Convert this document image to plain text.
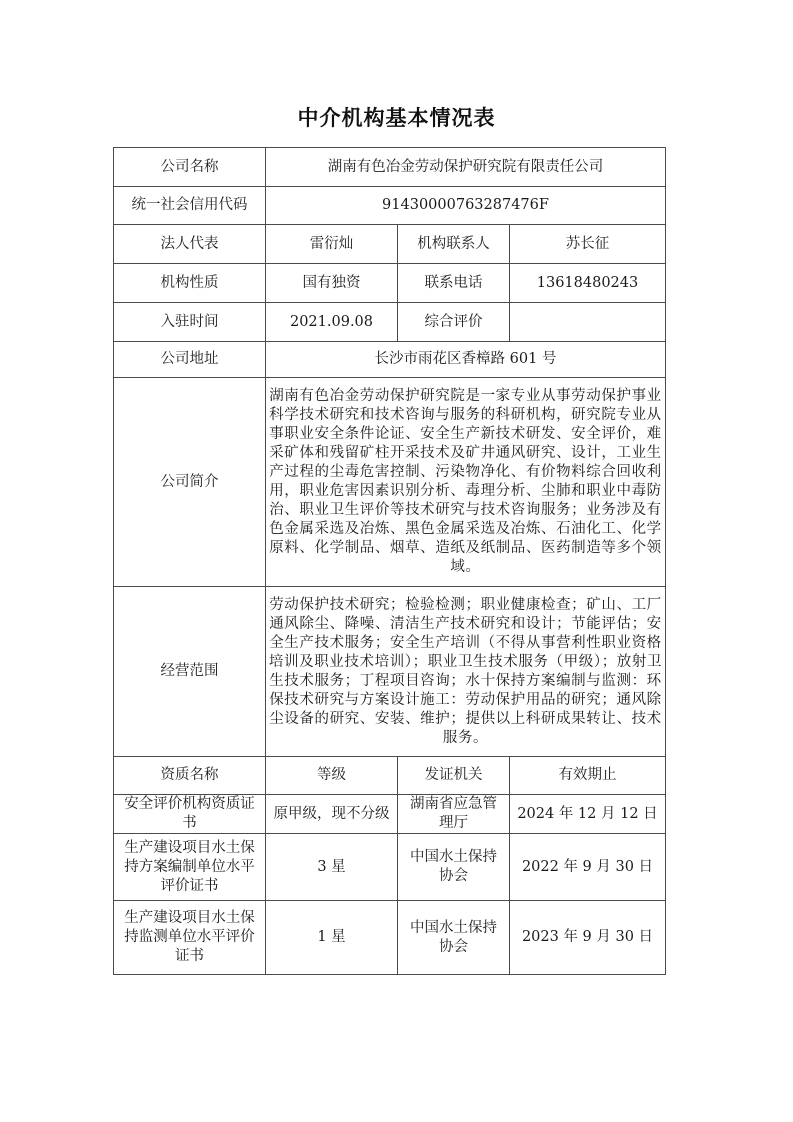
中介机构基本情况表
公司名称	湖南有色冶金劳动保护研究院有限责任公司		
统一社会信用代码	91430000763287476F		
法人代表	雷衍灿	机构联系人	苏长征
机构性质	国有独资	联系电话	13618480243
入驻时间	2021.09.08	综合评价	
公司地址	长沙市雨花区香樟路 601 号		
公司简介	湖南有色冶金劳动保护研究院是一家专业从事劳动保护事业科学技术研究和技术咨询与服务的科研机构，研究院专业从事职业安全条件论证、安全生产新技术研发、安全评价，难采矿体和残留矿柱开采技术及矿井通风研究、设计，工业生产过程的尘毒危害控制、污染物净化、有价物料综合回收利用，职业危害因素识别分析、毒理分析、尘肺和职业中毒防治、职业卫生评价等技术研究与技术咨询服务；业务涉及有色金属采选及冶炼、黑色金属采选及冶炼、石油化工、化学原料、化学制品、烟草、造纸及纸制品、医药制造等多个领域。		
经营范围	劳动保护技术研究；检验检测；职业健康检查；矿山、工厂通风除尘、降噪、清洁生产技术研究和设计；节能评估；安全生产技术服务；安全生产培训（不得从事营利性职业资格培训及职业技术培训）；职业卫生技术服务（甲级）；放射卫生技术服务；丁程项目咨询；水十保持方案编制与监测：环保技术研究与方案设计施工：劳动保护用品的研究；通风除尘设备的研究、安装、维护；提供以上科研成果转让、技术服务。		
资质名称	等级	发证机关	有效期止
安全评价机构资质证书	原甲级，现不分级	湖南省应急管理厅	2024 年 12 月 12 日
生产建设项目水土保持方案编制单位水平评价证书	3 星	中国水土保持协会	2022 年 9 月 30 日
生产建设项目水土保持监测单位水平评价证书	1 星	中国水土保持协会	2023 年 9 月 30 日
